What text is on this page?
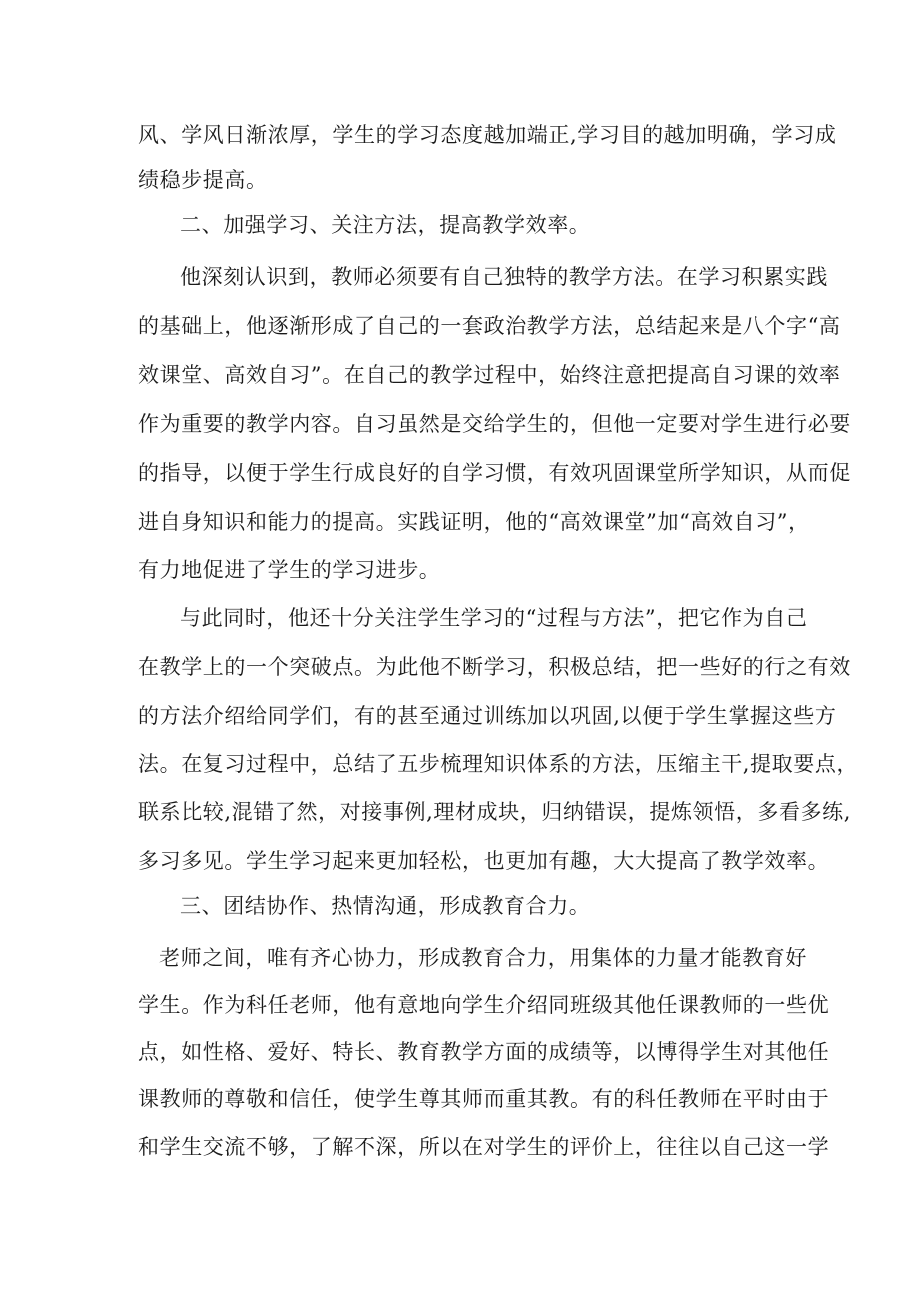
风、学风日渐浓厚，学生的学习态度越加端正,学习目的越加明确，学习成
绩稳步提高。
二、加强学习、关注方法，提高教学效率。
他深刻认识到，教师必须要有自己独特的教学方法。在学习积累实践
的基础上，他逐渐形成了自己的一套政治教学方法，总结起来是八个字“高
效课堂、高效自习”。在自己的教学过程中，始终注意把提高自习课的效率
作为重要的教学内容。自习虽然是交给学生的，但他一定要对学生进行必要
的指导，以便于学生行成良好的自学习惯，有效巩固课堂所学知识，从而促
进自身知识和能力的提高。实践证明，他的“高效课堂”加“高效自习”，
有力地促进了学生的学习进步。
与此同时，他还十分关注学生学习的“过程与方法”，把它作为自己
在教学上的一个突破点。为此他不断学习，积极总结，把一些好的行之有效
的方法介绍给同学们，有的甚至通过训练加以巩固,以便于学生掌握这些方
法。在复习过程中，总结了五步梳理知识体系的方法，压缩主干,提取要点，
联系比较,混错了然，对接事例,理材成块，归纳错误，提炼领悟，多看多练,
多习多见。学生学习起来更加轻松，也更加有趣，大大提高了教学效率。
三、团结协作、热情沟通，形成教育合力。
老师之间，唯有齐心协力，形成教育合力，用集体的力量才能教育好
学生。作为科任老师，他有意地向学生介绍同班级其他任课教师的一些优
点，如性格、爱好、特长、教育教学方面的成绩等，以博得学生对其他任
课教师的尊敬和信任，使学生尊其师而重其教。有的科任教师在平时由于
和学生交流不够，了解不深，所以在对学生的评价上，往往以自己这一学
